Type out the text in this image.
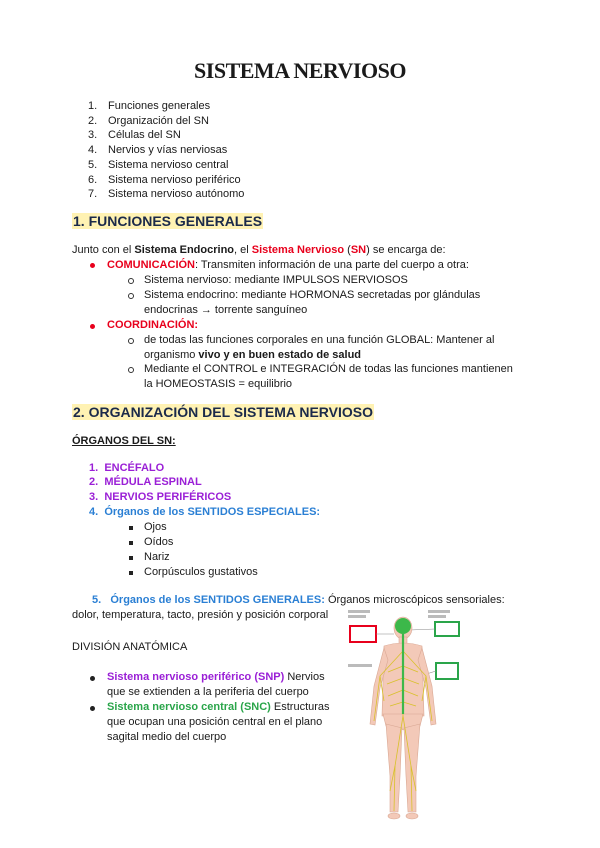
SISTEMA NERVIOSO
1. Funciones generales
2. Organización del SN
3. Células del SN
4. Nervios y vías nerviosas
5. Sistema nervioso central
6. Sistema nervioso periférico
7. Sistema nervioso autónomo
1. FUNCIONES GENERALES
Junto con el Sistema Endocrino, el Sistema Nervioso (SN) se encarga de:
COMUNICACIÓN: Transmiten información de una parte del cuerpo a otra:
Sistema nervioso: mediante IMPULSOS NERVIOSOS
Sistema endocrino: mediante HORMONAS secretadas por glándulas
endocrinas → torrente sanguíneo
COORDINACIÓN:
de todas las funciones corporales en una función GLOBAL: Mantener al
organismo vivo y en buen estado de salud
Mediante el CONTROL e INTEGRACIÓN de todas las funciones mantienen
la HOMEOSTASIS = equilibrio
2. ORGANIZACIÓN DEL SISTEMA NERVIOSO
ÓRGANOS DEL SN:
1. ENCÉFALO
2. MÉDULA ESPINAL
3. NERVIOS PERIFÉRICOS
4. Órganos de los SENTIDOS ESPECIALES:
Ojos
Oídos
Nariz
Corpúsculos gustativos
5. Órganos de los SENTIDOS GENERALES: Órganos microscópicos sensoriales:
dolor, temperatura, tacto, presión y posición corporal
DIVISIÓN ANATÓMICA
Sistema nervioso periférico (SNP) Nervios
que se extienden a la periferia del cuerpo
Sistema nervioso central (SNC) Estructuras
que ocupan una posición central en el plano
sagital medio del cuerpo
